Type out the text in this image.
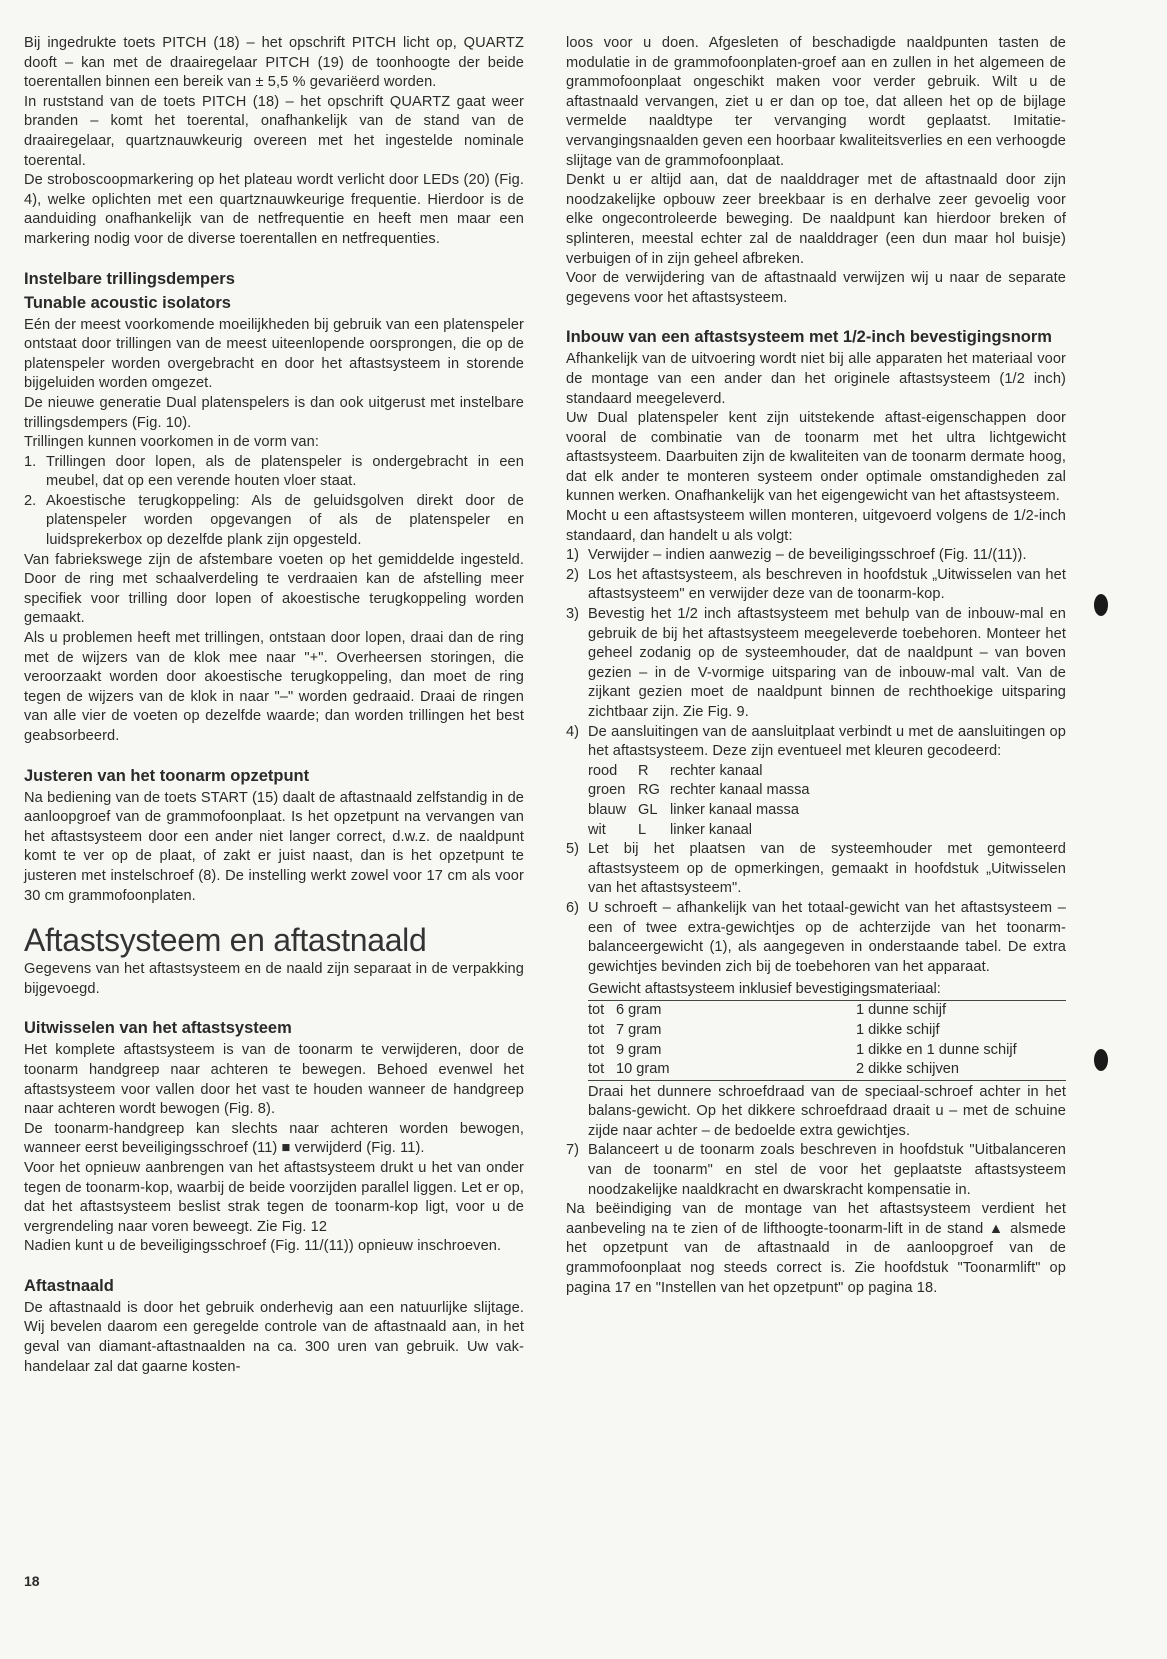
Bij ingedrukte toets PITCH (18) – het opschrift PITCH licht op, QUARTZ dooft – kan met de draairegelaar PITCH (19) de toonhoogte der beide toerentallen binnen een bereik van ± 5,5 % gevariëerd worden.

In ruststand van de toets PITCH (18) – het opschrift QUARTZ gaat weer branden – komt het toerental, onafhankelijk van de stand van de draairegelaar, quartznauwkeurig overeen met het ingestelde nominale toerental.

De stroboscoopmarkering op het plateau wordt verlicht door LEDs (20) (Fig. 4), welke oplichten met een quartznauwkeurige frequentie. Hierdoor is de aanduiding onafhankelijk van de netfrequentie en heeft men maar een markering nodig voor de diverse toerentallen en netfrequenties.

Instelbare trillingsdempers
Tunable acoustic isolators

Eén der meest voorkomende moeilijkheden bij gebruik van een platenspeler ontstaat door trillingen van de meest uiteenlopende oorsprongen, die op de platenspeler worden overgebracht en door het aftastsysteem in storende bijgeluiden worden omgezet.

De nieuwe generatie Dual platenspelers is dan ook uitgerust met instelbare trillingsdempers (Fig. 10).

Trillingen kunnen voorkomen in de vorm van:

1. Trillingen door lopen, als de platenspeler is ondergebracht in een meubel, dat op een verende houten vloer staat.

2. Akoestische terugkoppeling: Als de geluidsgolven direkt door de platenspeler worden opgevangen of als de platenspeler en luidsprekerbox op dezelfde plank zijn opgesteld.

Van fabriekswege zijn de afstembare voeten op het gemiddelde ingesteld. Door de ring met schaalverdeling te verdraaien kan de afstelling meer specifiek voor trilling door lopen of akoestische terugkoppeling worden gemaakt.

Als u problemen heeft met trillingen, ontstaan door lopen, draai dan de ring met de wijzers van de klok mee naar "+". Overheersen storingen, die veroorzaakt worden door akoestische terugkoppeling, dan moet de ring tegen de wijzers van de klok in naar "–" worden gedraaid. Draai de ringen van alle vier de voeten op dezelfde waarde; dan worden trillingen het best geabsorbeerd.

Justeren van het toonarm opzetpunt

Na bediening van de toets START (15) daalt de aftastnaald zelfstandig in de aanloopgroef van de grammofoonplaat. Is het opzetpunt na vervangen van het aftastsysteem door een ander niet langer correct, d.w.z. de naaldpunt komt te ver op de plaat, of zakt er juist naast, dan is het opzetpunt te justeren met instelschroef (8). De instelling werkt zowel voor 17 cm als voor 30 cm grammofoonplaten.

Aftastsysteem en aftastnaald

Gegevens van het aftastsysteem en de naald zijn separaat in de verpakking bijgevoegd.

Uitwisselen van het aftastsysteem

Het komplete aftastsysteem is van de toonarm te verwijderen, door de toonarm handgreep naar achteren te bewegen. Behoed evenwel het aftastsysteem voor vallen door het vast te houden wanneer de handgreep naar achteren wordt bewogen (Fig. 8).

De toonarm-handgreep kan slechts naar achteren worden bewogen, wanneer eerst beveiligingsschroef (11) ■ verwijderd (Fig. 11).

Voor het opnieuw aanbrengen van het aftastsysteem drukt u het van onder tegen de toonarm-kop, waarbij de beide voorzijden parallel liggen. Let er op, dat het aftastsysteem beslist strak tegen de toonarm-kop ligt, voor u de vergrendeling naar voren beweegt. Zie Fig. 12

Nadien kunt u de beveiligingsschroef (Fig. 11/(11)) opnieuw inschroeven.

Aftastnaald

De aftastnaald is door het gebruik onderhevig aan een natuurlijke slijtage. Wij bevelen daarom een geregelde controle van de aftastnaald aan, in het geval van diamant-aftastnaalden na ca. 300 uren van gebruik. Uw vak-handelaar zal dat gaarne kosten-

loos voor u doen. Afgesleten of beschadigde naaldpunten tasten de modulatie in de grammofoonplaten-groef aan en zullen in het algemeen de grammofoonplaat ongeschikt maken voor verder gebruik. Wilt u de aftastnaald vervangen, ziet u er dan op toe, dat alleen het op de bijlage vermelde naaldtype ter vervanging wordt geplaatst. Imitatie-vervangingsnaalden geven een hoorbaar kwaliteitsverlies en een verhoogde slijtage van de grammofoonplaat.

Denkt u er altijd aan, dat de naalddrager met de aftastnaald door zijn noodzakelijke opbouw zeer breekbaar is en derhalve zeer gevoelig voor elke ongecontroleerde beweging. De naaldpunt kan hierdoor breken of splinteren, meestal echter zal de naalddrager (een dun maar hol buisje) verbuigen of in zijn geheel afbreken.

Voor de verwijdering van de aftastnaald verwijzen wij u naar de separate gegevens voor het aftastsysteem.

Inbouw van een aftastsysteem met 1/2-inch bevestigingsnorm

Afhankelijk van de uitvoering wordt niet bij alle apparaten het materiaal voor de montage van een ander dan het originele aftastsysteem (1/2 inch) standaard meegeleverd.

Uw Dual platenspeler kent zijn uitstekende aftast-eigenschappen door vooral de combinatie van de toonarm met het ultra lichtgewicht aftastsysteem. Daarbuiten zijn de kwaliteiten van de toonarm dermate hoog, dat elk ander te monteren systeem onder optimale omstandigheden zal kunnen werken. Onafhankelijk van het eigengewicht van het aftastsysteem.

Mocht u een aftastsysteem willen monteren, uitgevoerd volgens de 1/2-inch standaard, dan handelt u als volgt:

1) Verwijder – indien aanwezig – de beveiligingsschroef (Fig. 11/(11)).

2) Los het aftastsysteem, als beschreven in hoofdstuk „Uitwisselen van het aftastsysteem" en verwijder deze van de toonarm-kop.

3) Bevestig het 1/2 inch aftastsysteem met behulp van de inbouw-mal en gebruik de bij het aftastsysteem meegeleverde toebehoren. Monteer het geheel zodanig op de systeemhouder, dat de naaldpunt – van boven gezien – in de V-vormige uitsparing van de inbouw-mal valt. Van de zijkant gezien moet de naaldpunt binnen de rechthoekige uitsparing zichtbaar zijn. Zie Fig. 9.

4) De aansluitingen van de aansluitplaat verbindt u met de aansluitingen op het aftastsysteem. Deze zijn eventueel met kleuren gecodeerd:

rood	R	rechter kanaal
groen	RG	rechter kanaal massa
blauw	GL	linker kanaal massa
wit	L	linker kanaal
5) Let bij het plaatsen van de systeemhouder met gemonteerd aftastsysteem op de opmerkingen, gemaakt in hoofdstuk „Uitwisselen van het aftastsysteem".

6) U schroeft – afhankelijk van het totaal-gewicht van het aftastsysteem – een of twee extra-gewichtjes op de achterzijde van het toonarm-balanceergewicht (1), als aangegeven in onderstaande tabel. De extra gewichtjes bevinden zich bij de toebehoren van het apparaat.

Gewicht aftastsysteem inklusief bevestigingsmateriaal:		
tot	6 gram	1 dunne schijf
tot	7 gram	1 dikke schijf
tot	9 gram	1 dikke en 1 dunne schijf
tot	10 gram	2 dikke schijven

Draai het dunnere schroefdraad van de speciaal-schroef achter in het balans-gewicht. Op het dikkere schroefdraad draait u – met de schuine zijde naar achter – de bedoelde extra gewichtjes.

7) Balanceert u de toonarm zoals beschreven in hoofdstuk "Uitbalanceren van de toonarm" en stel de voor het geplaatste aftastsysteem noodzakelijke naaldkracht en dwarskracht kompensatie in.

Na beëindiging van de montage van het aftastsysteem verdient het aanbeveling na te zien of de lifthoogte-toonarm-lift in de stand ▲ alsmede het opzetpunt van de aftastnaald in de aanloopgroef van de grammofoonplaat nog steeds correct is. Zie hoofdstuk "Toonarmlift" op pagina 17 en "Instellen van het opzetpunt" op pagina 18.

18
